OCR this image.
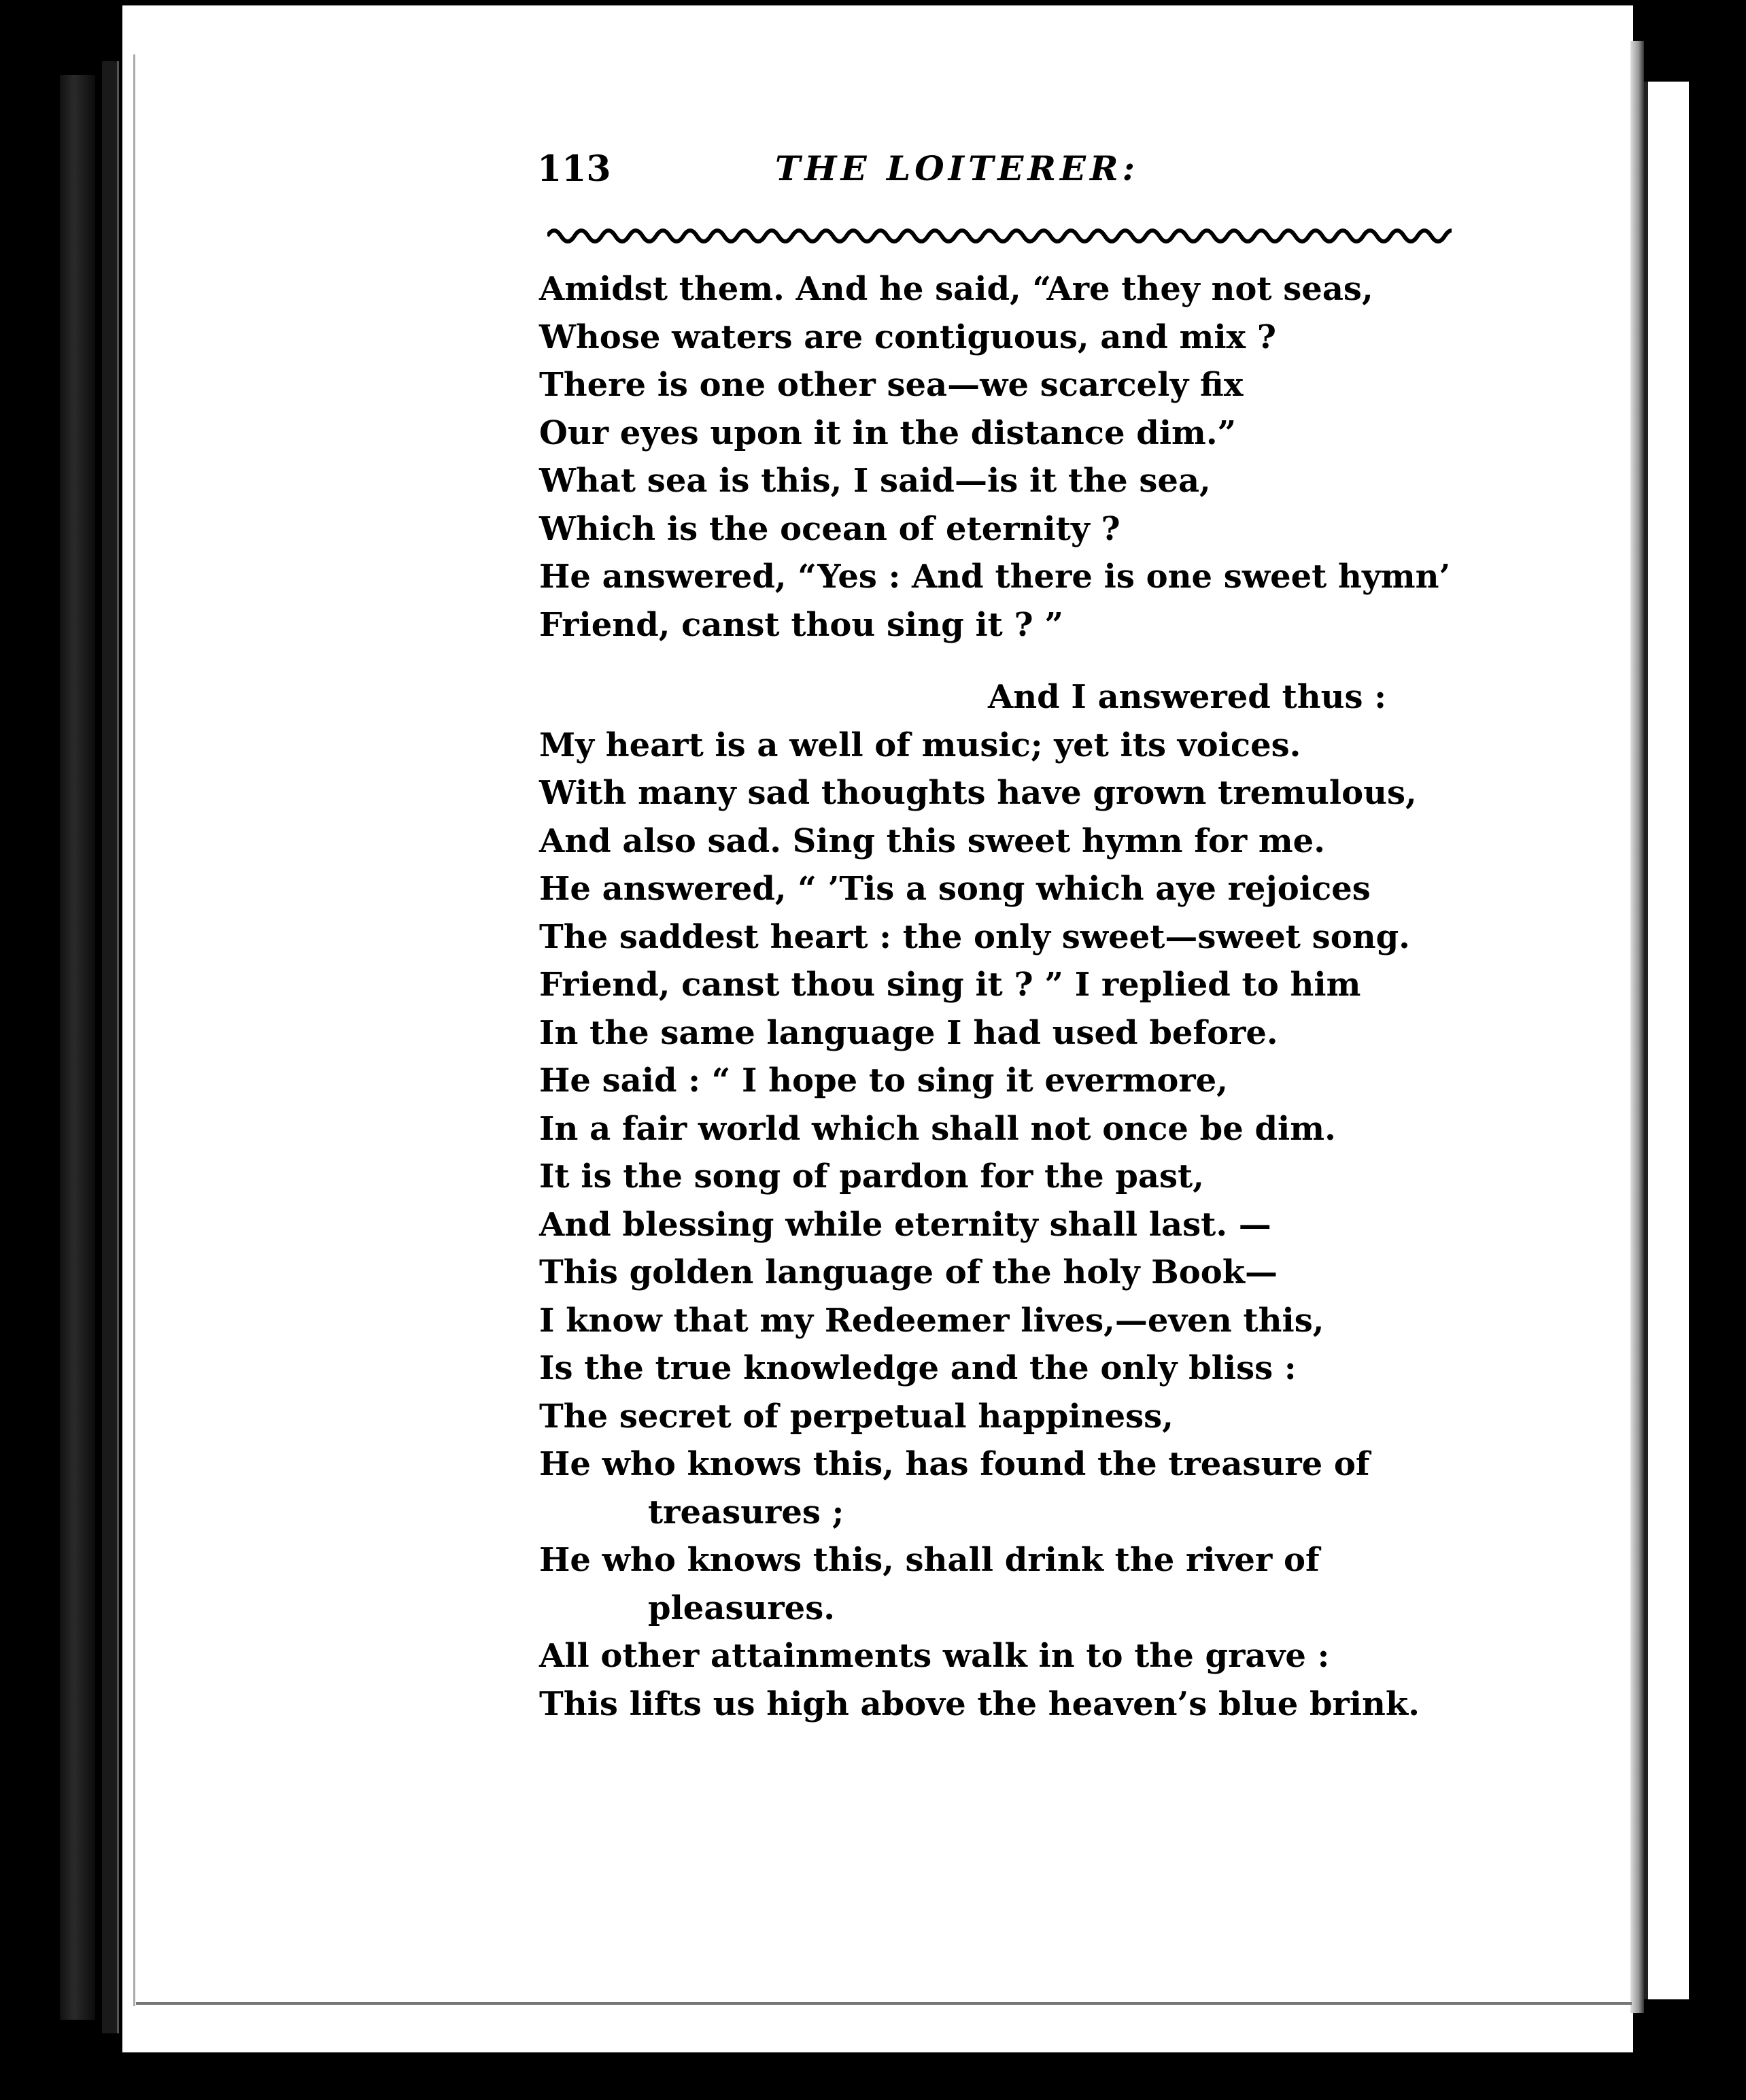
113	THE LOITERER:
Amidst them. And he said, “Are they not seas,
Whose waters are contiguous, and mix ?
There is one other sea—we scarcely fix
Our eyes upon it in the distance dim.”
What sea is this, I said—is it the sea,
Which is the ocean of eternity ?
He answered, “Yes : And there is one sweet hymn’
Friend, canst thou sing it ? ”
And I answered thus :
My heart is a well of music; yet its voices.
With many sad thoughts have grown tremulous,
And also sad. Sing this sweet hymn for me.
He answered, “ ’Tis a song which aye rejoices
The saddest heart : the only sweet—sweet song.
Friend, canst thou sing it ? ” I replied to him
In the same language I had used before.
He said : “ I hope to sing it evermore,
In a fair world which shall not once be dim.
It is the song of pardon for the past,
And blessing while eternity shall last. —
This golden language of the holy Book—
I know that my Redeemer lives,—even this,
Is the true knowledge and the only bliss :
The secret of perpetual happiness,
He who knows this, has found the treasure of
treasures ;
He who knows this, shall drink the river of
pleasures.
All other attainments walk in to the grave :
This lifts us high above the heaven’s blue brink.
